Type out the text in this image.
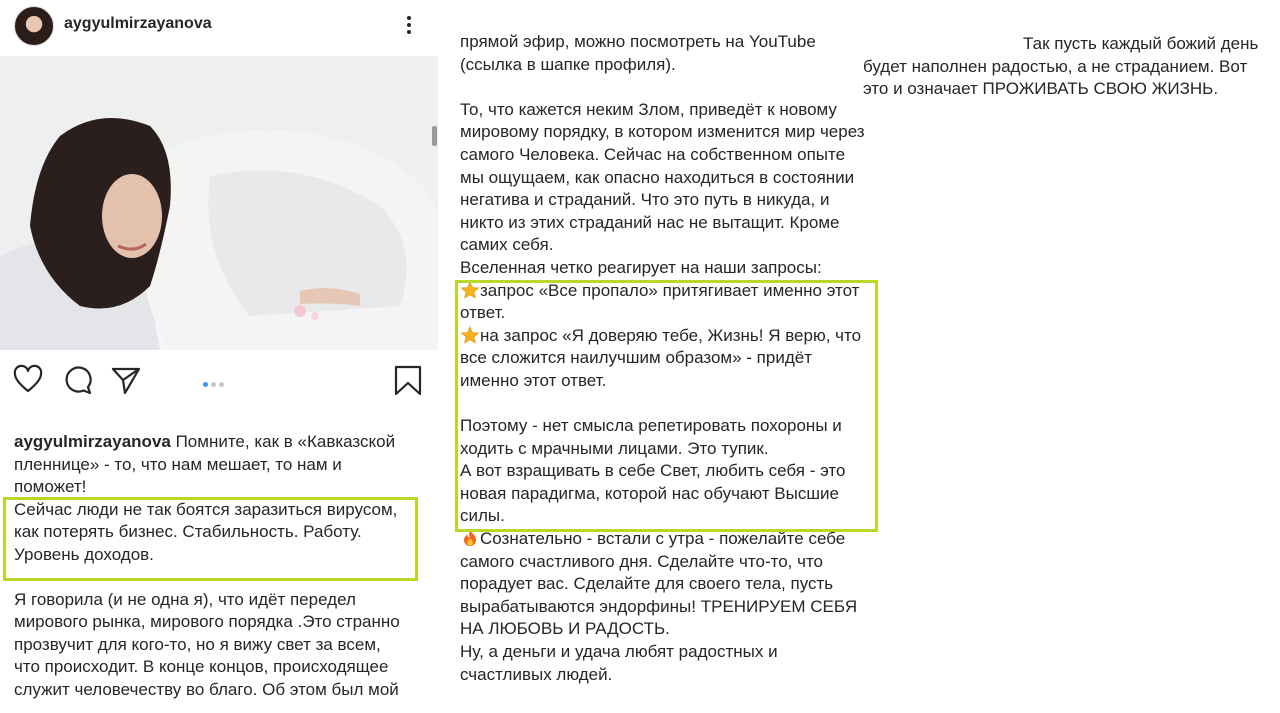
aygyulmirzayanova
aygyulmirzayanova Помните, как в «Кавказской пленнице» - то, что нам мешает, то нам и поможет!
Сейчас люди не так боятся заразиться вирусом, как потерять бизнес. Стабильность. Работу. Уровень доходов.

Я говорила (и не одна я), что идёт передел мирового рынка, мирового порядка .Это странно прозвучит для кого-то, но я вижу свет за всем, что происходит. В конце концов, происходящее служит человечеству во благо. Об этом был мой
прямой эфир, можно посмотреть на YouTube
(ссылка в шапке профиля).

То, что кажется неким Злом, приведёт к новому мировому порядку, в котором изменится мир через самого Человека. Сейчас на собственном опыте мы ощущаем, как опасно находиться в состоянии негатива и страданий. Что это путь в никуда, и никто из этих страданий нас не вытащит. Кроме самих себя.
Вселенная четко реагирует на наши запросы:
запрос «Все пропало» притягивает именно этот ответ.
на запрос «Я доверяю тебе, Жизнь! Я верю, что все сложится наилучшим образом» - придёт именно этот ответ.

Поэтому - нет смысла репетировать похороны и ходить с мрачными лицами. Это тупик.
А вот взращивать в себе Свет, любить себя - это новая парадигма, которой нас обучают Высшие силы.
Сознательно - встали с утра - пожелайте себе самого счастливого дня. Сделайте что-то, что порадует вас. Сделайте для своего тела, пусть вырабатываются эндорфины! ТРЕНИРУЕМ СЕБЯ НА ЛЮБОВЬ И РАДОСТЬ.
Ну, а деньги и удача любят радостных и счастливых людей.
Так пусть каждый божий день будет наполнен радостью, а не страданием. Вот это и означает ПРОЖИВАТЬ СВОЮ ЖИЗНЬ.
